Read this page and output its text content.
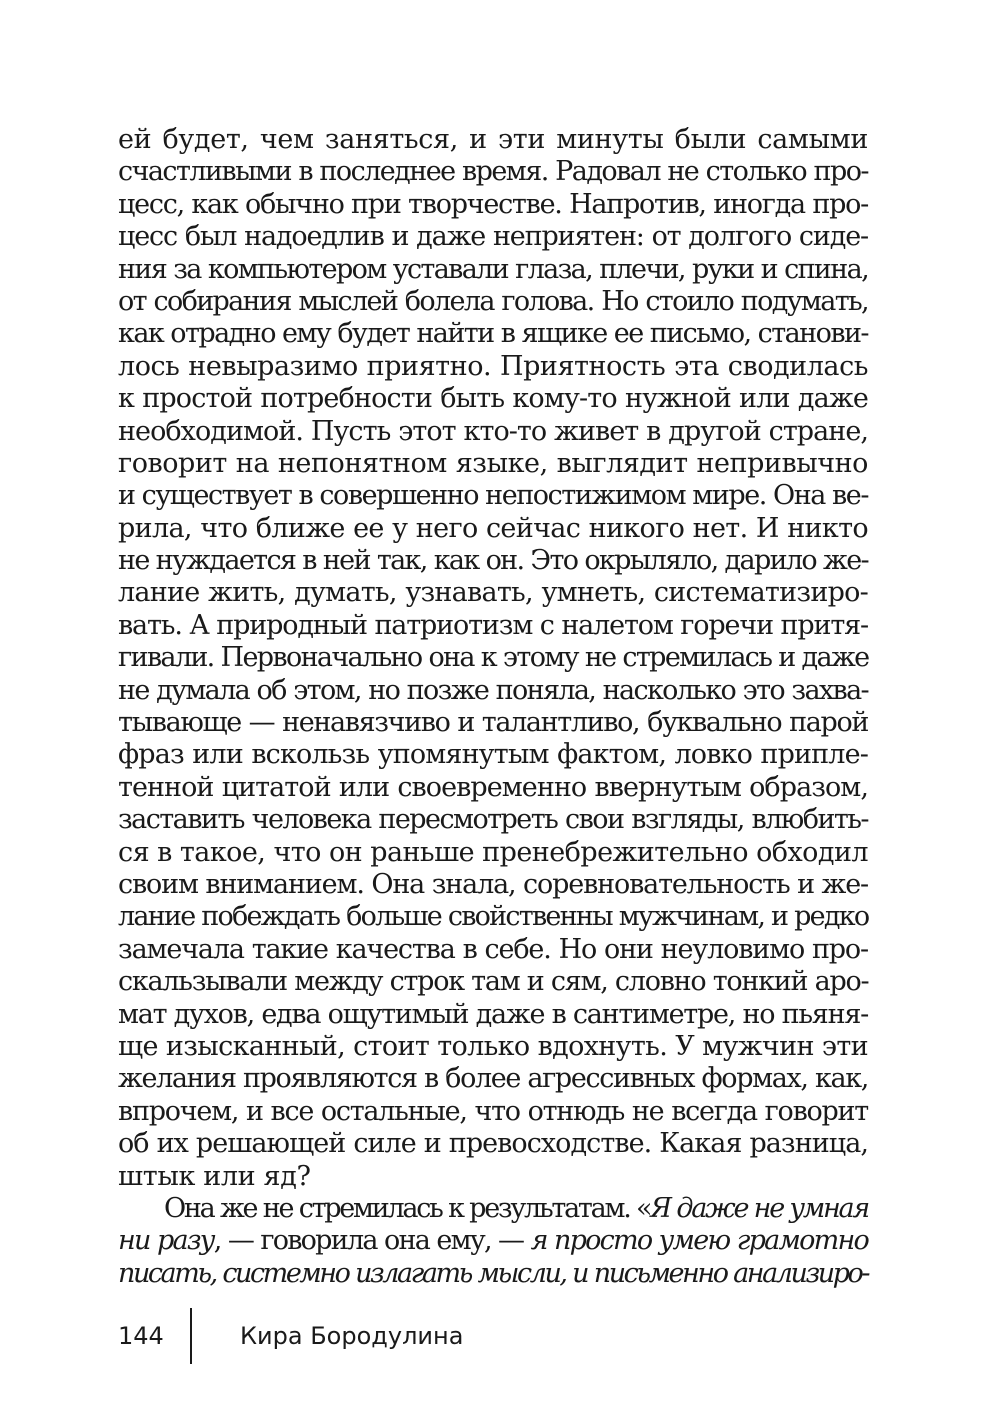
ей будет, чем заняться, и эти минуты были самыми
счастливыми в последнее время. Радовал не столько про-
цесс, как обычно при творчестве. Напротив, иногда про-
цесс был надоедлив и даже неприятен: от долгого сиде-
ния за компьютером уставали глаза, плечи, руки и спина,
от собирания мыслей болела голова. Но стоило подумать,
как отрадно ему будет найти в ящике ее письмо, станови-
лось невыразимо приятно. Приятность эта сводилась
к простой потребности быть кому-то нужной или даже
необходимой. Пусть этот кто-то живет в другой стране,
говорит на непонятном языке, выглядит непривычно
и существует в совершенно непостижимом мире. Она ве-
рила, что ближе ее у него сейчас никого нет. И никто
не нуждается в ней так, как он. Это окрыляло, дарило же-
лание жить, думать, узнавать, умнеть, систематизиро-
вать. А природный патриотизм с налетом горечи притя-
гивали. Первоначально она к этому не стремилась и даже
не думала об этом, но позже поняла, насколько это захва-
тывающе — ненавязчиво и талантливо, буквально парой
фраз или вскользь упомянутым фактом, ловко приплe-
тенной цитатой или своевременно ввернутым образом,
заставить человека пересмотреть свои взгляды, влюбить-
ся в такое, что он раньше пренебрежительно обходил
своим вниманием. Она знала, соревновательность и же-
лание побеждать больше свойственны мужчинам, и редко
замечала такие качества в себе. Но они неуловимо про-
скальзывали между строк там и сям, словно тонкий аро-
мат духов, едва ощутимый даже в сантиметре, но пьяня-
ще изысканный, стоит только вдохнуть. У мужчин эти
желания проявляются в более агрессивных формах, как,
впрочем, и все остальные, что отнюдь не всегда говорит
об их решающей силе и превосходстве. Какая разница,
штык или яд?
Она же не стремилась к результатам. «Я даже не умная
ни разу, — говорила она ему, — я просто умею грамотно
писать, системно излагать мысли, и письменно анализиро-
144	Кира Бородулина
